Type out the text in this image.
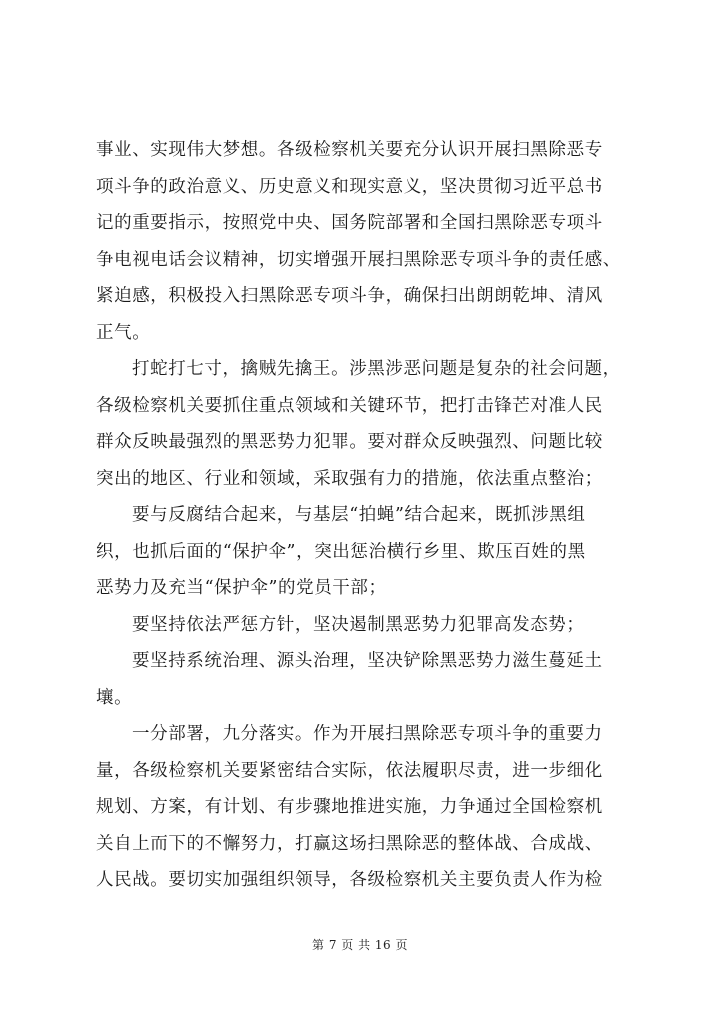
事业、实现伟大梦想。各级检察机关要充分认识开展扫黑除恶专
项斗争的政治意义、历史意义和现实意义，坚决贯彻习近平总书
记的重要指示，按照党中央、国务院部署和全国扫黑除恶专项斗
争电视电话会议精神，切实增强开展扫黑除恶专项斗争的责任感、
紧迫感，积极投入扫黑除恶专项斗争，确保扫出朗朗乾坤、清风
正气。
打蛇打七寸，擒贼先擒王。涉黑涉恶问题是复杂的社会问题，
各级检察机关要抓住重点领域和关键环节，把打击锋芒对准人民
群众反映最强烈的黑恶势力犯罪。要对群众反映强烈、问题比较
突出的地区、行业和领域，采取强有力的措施，依法重点整治；
要与反腐结合起来，与基层“拍蝇”结合起来，既抓涉黑组
织，也抓后面的“保护伞”，突出惩治横行乡里、欺压百姓的黑
恶势力及充当“保护伞”的党员干部；
要坚持依法严惩方针，坚决遏制黑恶势力犯罪高发态势；
要坚持系统治理、源头治理，坚决铲除黑恶势力滋生蔓延土
壤。
一分部署，九分落实。作为开展扫黑除恶专项斗争的重要力
量，各级检察机关要紧密结合实际，依法履职尽责，进一步细化
规划、方案，有计划、有步骤地推进实施，力争通过全国检察机
关自上而下的不懈努力，打赢这场扫黑除恶的整体战、合成战、
人民战。要切实加强组织领导，各级检察机关主要负责人作为检
第 7 页 共 16 页
